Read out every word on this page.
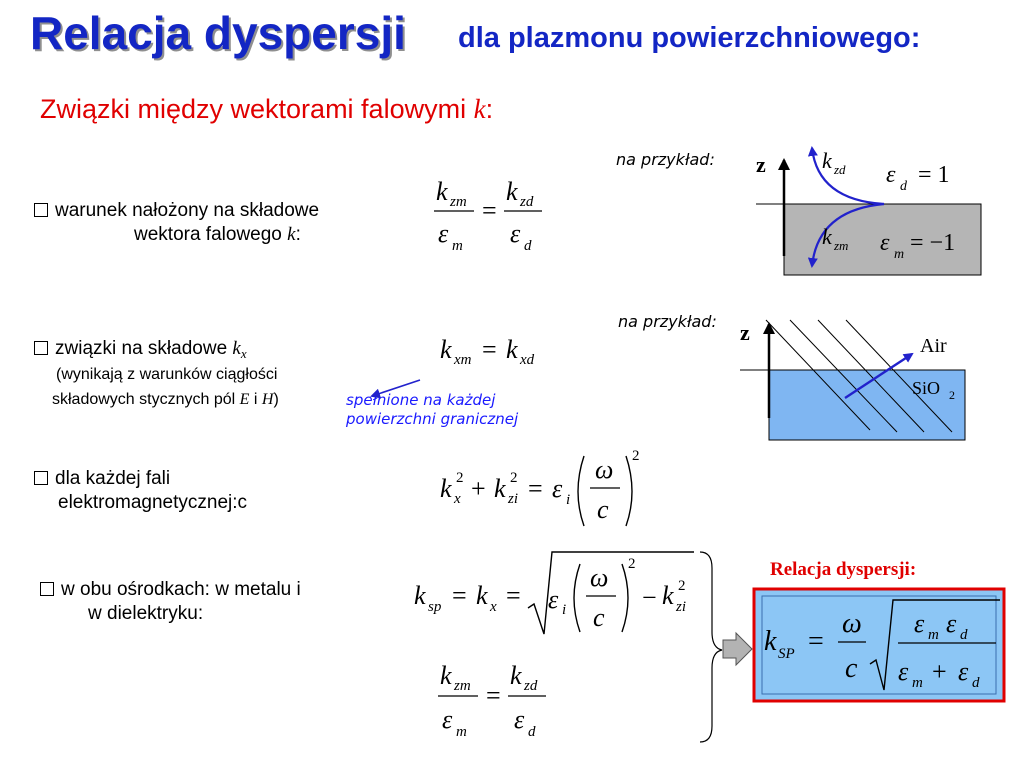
Relacja dyspersji dla plazmonu powierzchniowego:
Związki między wektorami falowymi k:
warunek nałożony na składowe
wektora falowego k:
związki na składowe $k_x$
(wynikają z warunków ciągłości
składowych stycznych pól E i H)
dla każdej fali
elektromagnetycznej:c
w obu ośrodkach: w metalu i
w dielektryku:
na przykład:
na przykład:
spełnione na każdej
powierzchni granicznej
k zm
ε m
=
k zd
ε d
k xm = k xd
k x
2 + k zi
2 = ε i
ω
c
2
k sp = k x = ε i
ω
c
2
− k zi
2
k zm
ε m
=
k zd
ε d
z	k zd
k zm
ε d = 1
ε m = −1
z
Air
SiO 2
Relacja dyspersji:
k SP =
ω
c
ε m ε d
ε m + ε d
